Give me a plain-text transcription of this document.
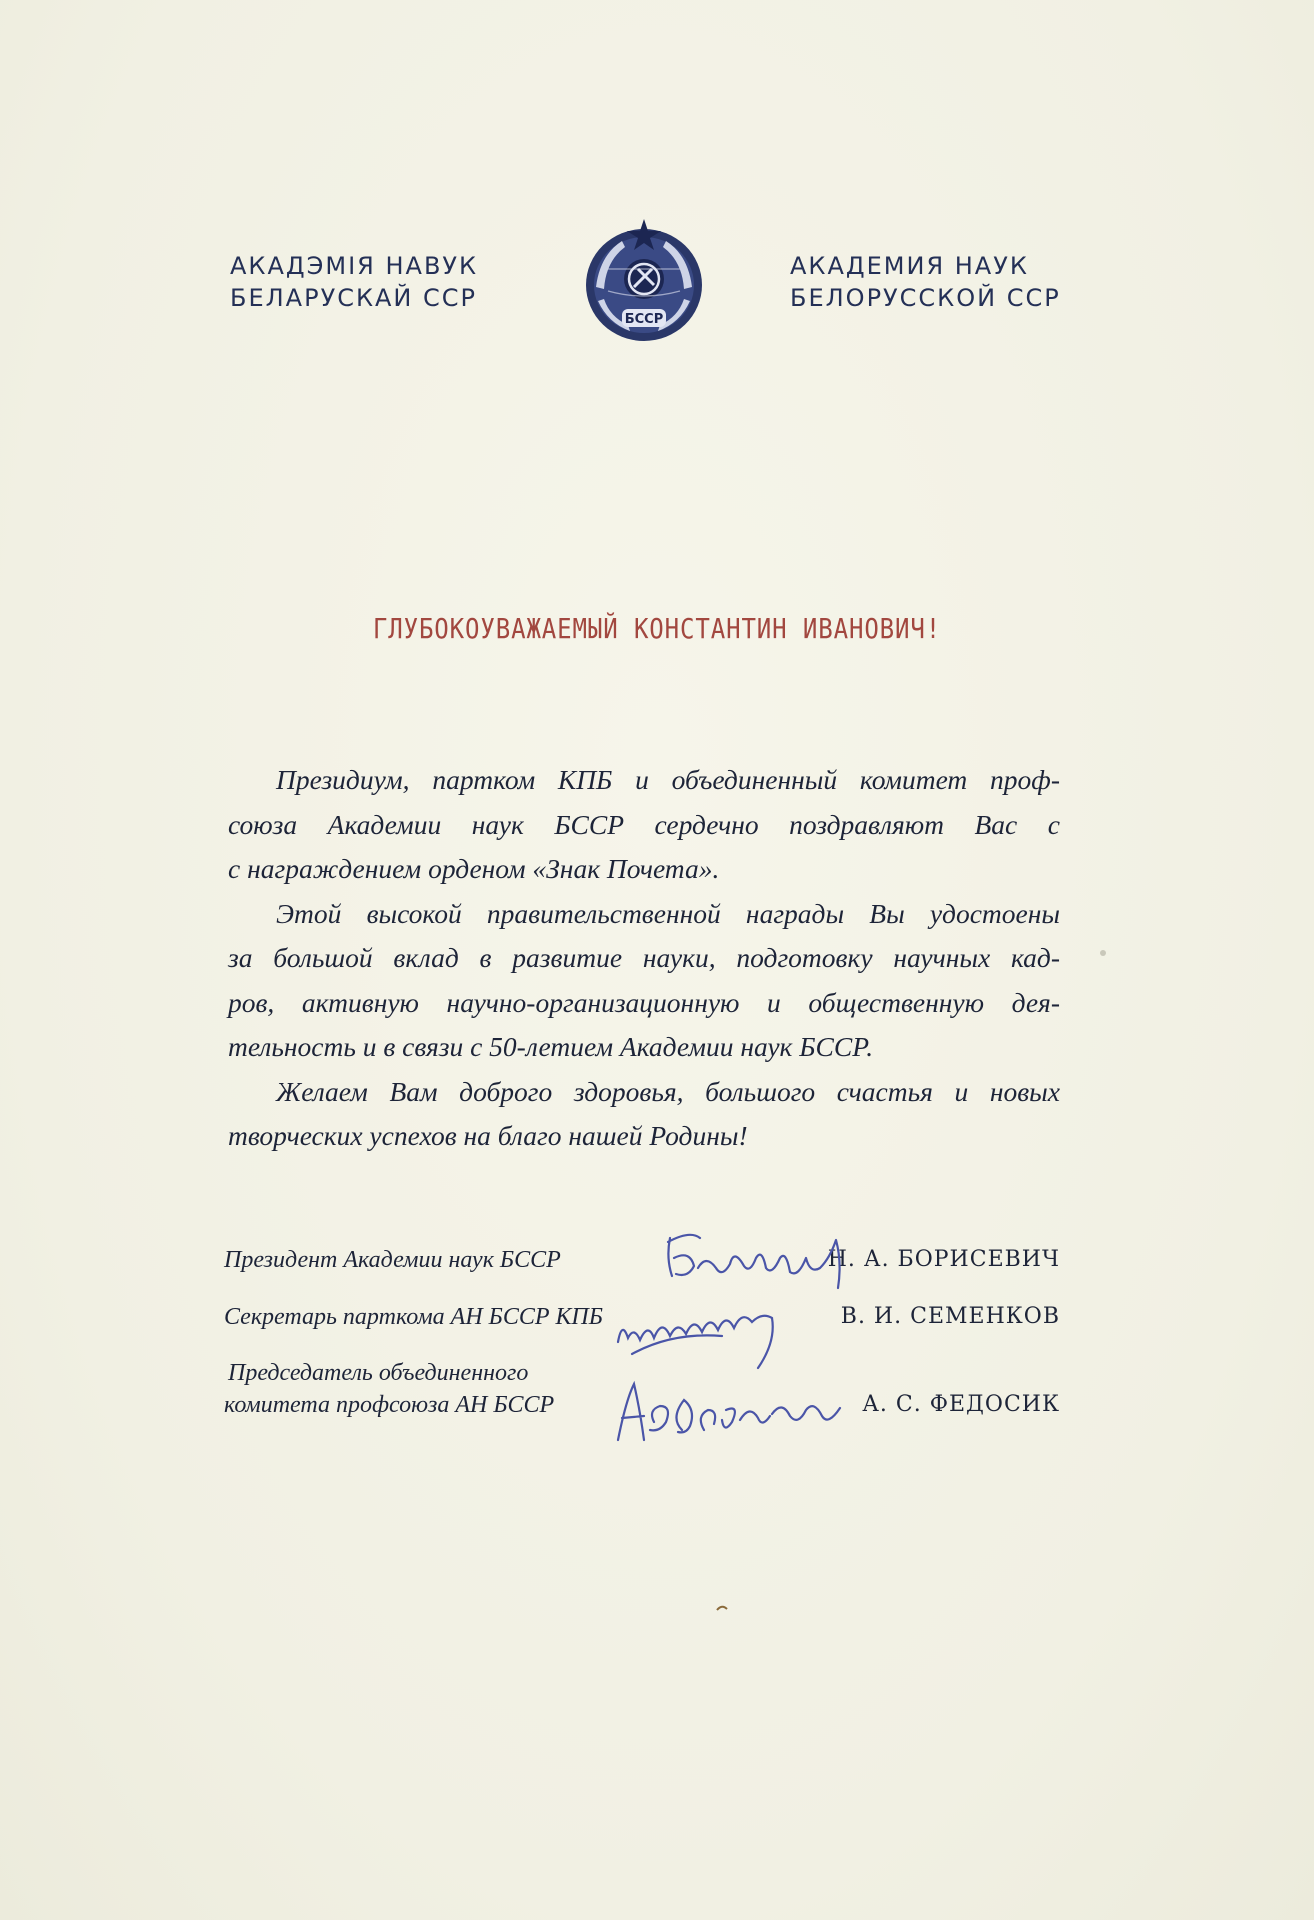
АКАДЭМІЯ НАВУК
БЕЛАРУСКАЙ ССР
БССР
АКАДЕМИЯ НАУК
БЕЛОРУССКОЙ ССР
ГЛУБОКОУВАЖАЕМЫЙ КОНСТАНТИН ИВАНОВИЧ!
Президиум, партком КПБ и объединенный комитет проф-
союза Академии наук БССР сердечно поздравляют Вас с
с награждением орденом «Знак Почета».
Этой высокой правительственной награды Вы удостоены
за большой вклад в развитие науки, подготовку научных кад-
ров, активную научно-организационную и общественную дея-
тельность и в связи с 50-летием Академии наук БССР.
Желаем Вам доброго здоровья, большого счастья и новых
творческих успехов на благо нашей Родины!
Президент Академии наук БССР	Н. А. БОРИСЕВИЧ
Секретарь парткома АН БССР КПБ	В. И. СЕМЕНКОВ
Председатель объединенного
комитета профсоюза АН БССР	А. С. ФЕДОСИК
